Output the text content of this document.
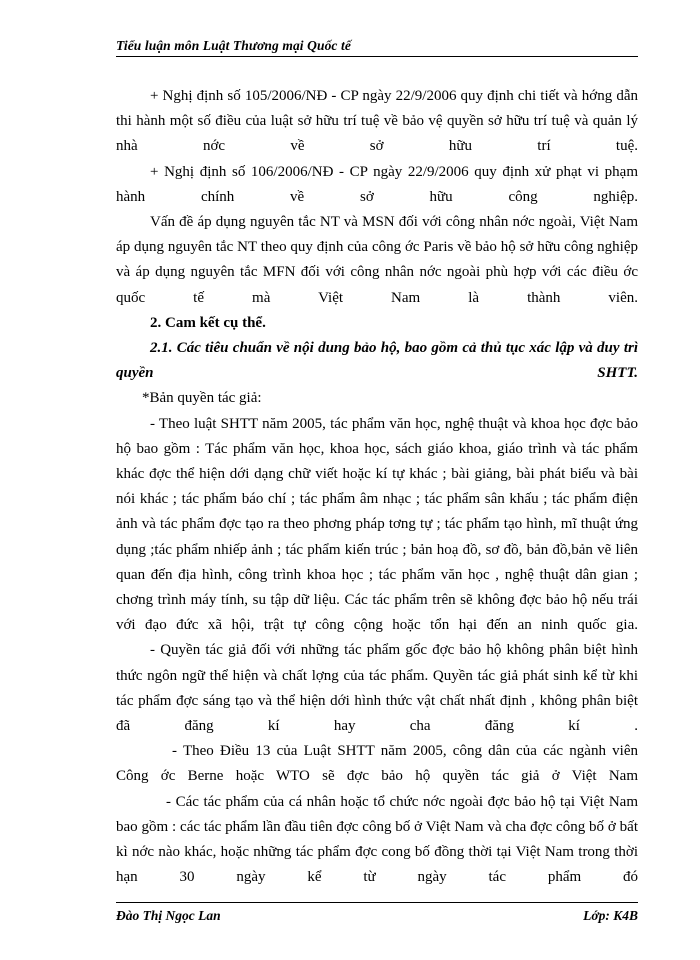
Tiểu luận môn Luật Thương mại Quốc tế

+ Nghị định số 105/2006/NĐ - CP ngày 22/9/2006 quy định chi tiết và hớng dẫn thi hành một số điều của luật sở hữu trí tuệ về bảo vệ quyền sở hữu trí tuệ và quản lý nhà nớc về sở hữu trí tuệ.

+ Nghị định số 106/2006/NĐ - CP ngày 22/9/2006 quy định xử phạt vi phạm hành chính về sở hữu công nghiệp.

Vấn đề áp dụng nguyên tắc NT và MSN đối với công nhân nớc ngoài, Việt Nam áp dụng nguyên tắc NT theo quy định của công ớc Paris về bảo hộ sở hữu công nghiệp và áp dụng nguyên tắc MFN đối với công nhân nớc ngoài phù hợp với các điều ớc quốc tế mà Việt Nam là thành viên.

2. Cam kết cụ thể.

2.1. Các tiêu chuẩn về nội dung bảo hộ, bao gồm cả thủ tục xác lập và duy trì quyền SHTT.

*Bản quyền tác giả:

- Theo luật SHTT năm 2005, tác phẩm văn học, nghệ thuật và khoa học đợc bảo hộ bao gồm : Tác phẩm văn học, khoa học, sách giáo khoa, giáo trình và tác phẩm khác đợc thể hiện dới dạng chữ viết hoặc kí tự khác ; bài giảng, bài phát biểu và bài nói khác ; tác phẩm báo chí ; tác phẩm âm nhạc ; tác phẩm sân khấu ; tác phẩm điện ảnh và tác phẩm đợc tạo ra theo phơng pháp tơng tự ; tác phẩm tạo hình, mĩ thuật ứng dụng ;tác phẩm nhiếp ảnh ; tác phẩm kiến trúc ; bản hoạ đồ, sơ đồ, bản đồ,bản vẽ liên quan đến địa hình, công trình khoa học ; tác phẩm văn học , nghệ thuật dân gian ; chơng trình máy tính, su tập dữ liệu. Các tác phẩm trên sẽ không đợc bảo hộ nếu trái với đạo đức xã hội, trật tự công cộng hoặc tổn hại đến an ninh quốc gia.

- Quyền tác giả đối với những tác phẩm gốc đợc bảo hộ không phân biệt hình thức ngôn ngữ thể hiện và chất lợng của tác phẩm. Quyền tác giả phát sinh kể từ khi tác phẩm đợc sáng tạo và thể hiện dới hình thức vật chất nhất định , không phân biệt đã đăng kí hay cha đăng kí .

- Theo Điều 13 của Luật SHTT năm 2005, công dân của các ngành viên Công ớc Berne hoặc WTO sẽ đợc bảo hộ quyền tác giả ở Việt Nam

- Các tác phẩm của cá nhân hoặc tổ chức nớc ngoài đợc bảo hộ tại Việt Nam bao gồm : các tác phẩm lần đầu tiên đợc công bố ở Việt Nam và cha đợc công bố ở bất kì nớc nào khác, hoặc những tác phẩm đợc cong bố đồng thời tại Việt Nam trong thời hạn 30 ngày kể từ ngày tác phẩm đó

Đào Thị Ngọc Lan	Lớp: K4B
